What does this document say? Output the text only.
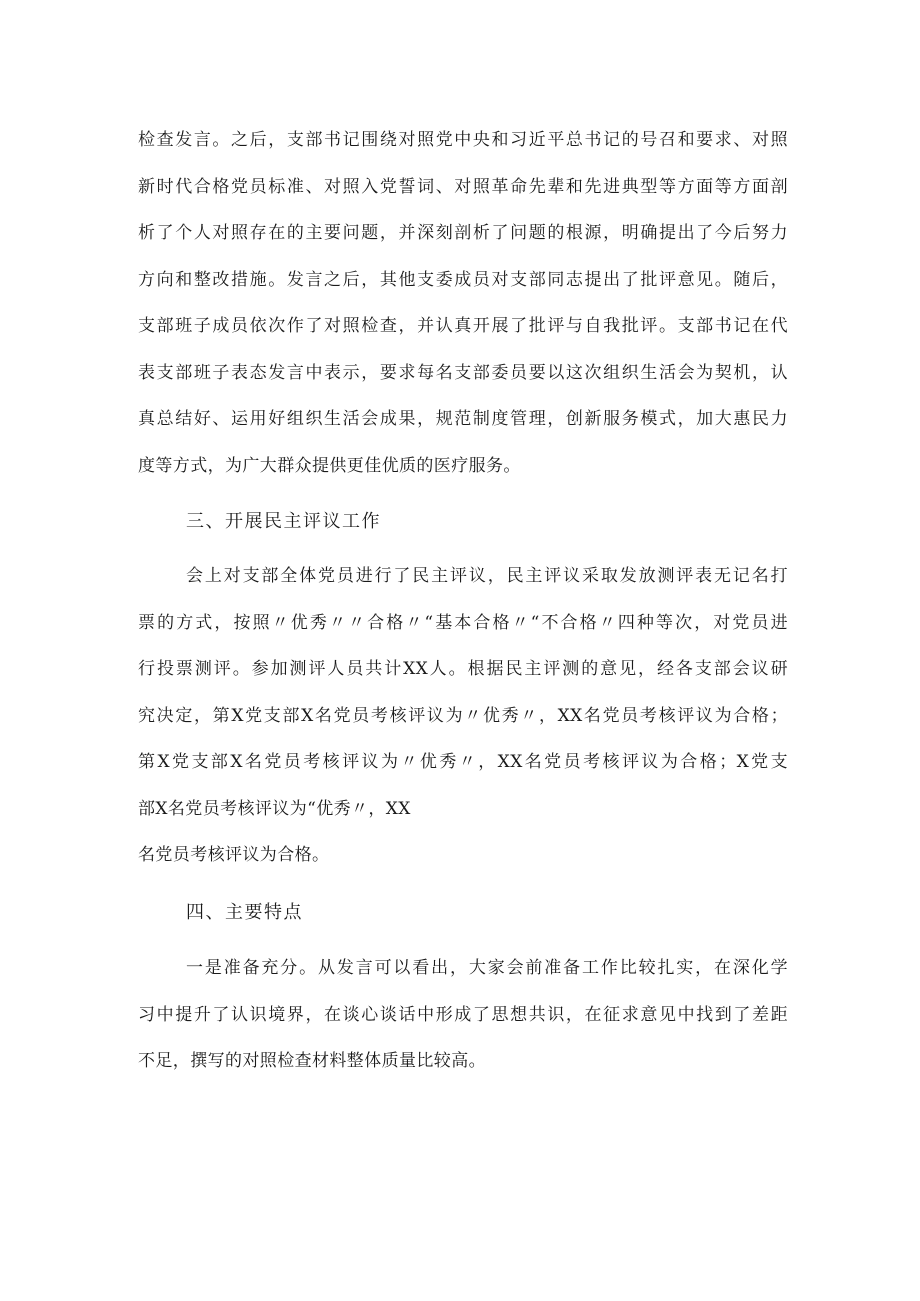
检查发言。之后，支部书记围绕对照党中央和习近平总书记的号召和要求、对照
新时代合格党员标准、对照入党誓词、对照革命先辈和先进典型等方面等方面剖
析了个人对照存在的主要问题，并深刻剖析了问题的根源，明确提出了今后努力
方向和整改措施。发言之后，其他支委成员对支部同志提出了批评意见。随后，
支部班子成员依次作了对照检查，并认真开展了批评与自我批评。支部书记在代
表支部班子表态发言中表示，要求每名支部委员要以这次组织生活会为契机，认
真总结好、运用好组织生活会成果，规范制度管理，创新服务模式，加大惠民力
度等方式，为广大群众提供更佳优质的医疗服务。
三、开展民主评议工作
会上对支部全体党员进行了民主评议，民主评议采取发放测评表无记名打
票的方式，按照〃优秀〃〃合格〃“基本合格〃“不合格〃四种等次，对党员进
行投票测评。参加测评人员共计XX人。根据民主评测的意见，经各支部会议研
究决定，第X党支部X名党员考核评议为〃优秀〃，XX名党员考核评议为合格；
第X党支部X名党员考核评议为〃优秀〃，XX名党员考核评议为合格；X党支
部X名党员考核评议为“优秀〃，XX
名党员考核评议为合格。
四、主要特点
一是准备充分。从发言可以看出，大家会前准备工作比较扎实，在深化学
习中提升了认识境界，在谈心谈话中形成了思想共识，在征求意见中找到了差距
不足，撰写的对照检查材料整体质量比较高。
